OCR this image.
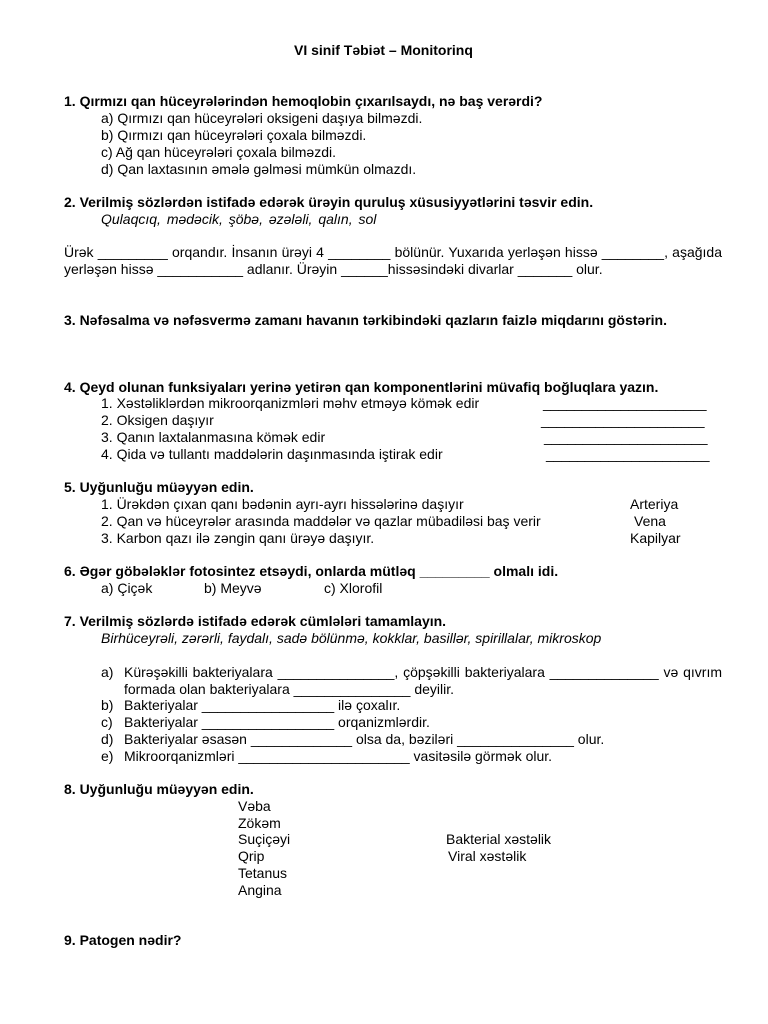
VI sinif Təbiət – Monitorinq
1. Qırmızı qan hüceyrələrindən hemoqlobin çıxarılsaydı, nə baş verərdi?
a) Qırmızı qan hüceyrələri oksigeni daşıya bilməzdi.
b) Qırmızı qan hüceyrələri çoxala bilməzdi.
c) Ağ qan hüceyrələri çoxala bilməzdi.
d) Qan laxtasının əmələ gəlməsi mümkün olmazdı.
2. Verilmiş sözlərdən istifadə edərək ürəyin quruluş xüsusiyyətlərini təsvir edin.
Qulaqcıq, mədəcik, şöbə, əzələli, qalın, sol
Ürək _________ orqandır. İnsanın ürəyi 4 ________ bölünür. Yuxarıda yerləşən hissə ________, aşağıda yerləşən hissə ___________ adlanır. Ürəyin ______hissəsindəki divarlar _______ olur.
3. Nəfəsalma və nəfəsvermə zamanı havanın tərkibindəki qazların faizlə miqdarını göstərin.
4. Qeyd olunan funksiyaları yerinə yetirən qan komponentlərini müvafiq boğluqlara yazın.
1. Xəstəliklərdən mikroorqanizmləri məhv etməyə kömək edir
2. Oksigen daşıyır
3. Qanın laxtalanmasına kömək edir
4. Qida və tullantı maddələrin daşınmasında iştirak edir
_____________________
_____________________
_____________________
_____________________
5. Uyğunluğu müəyyən edin.
1. Ürəkdən çıxan qanı bədənin ayrı-ayrı hissələrinə daşıyır
2. Qan və hüceyrələr arasında maddələr və qazlar mübadiləsi baş verir
3. Karbon qazı ilə zəngin qanı ürəyə daşıyır.
Arteriya
Vena
Kapilyar
6. Əgər göbələklər fotosintez etsəydi, onlarda mütləq _________ olmalı idi.
a) Çiçək	b) Meyvə	c) Xlorofil
7. Verilmiş sözlərdə istifadə edərək cümlələri tamamlayın.
Birhüceyrəli, zərərli, faydalı, sadə bölünmə, kokklar, basillər, spirillalar, mikroskop
a) Kürəşəkilli bakteriyalara _______________, çöpşəkilli bakteriyalara ______________ və qıvrım formada olan bakteriyalara _______________ deyilir.
b) Bakteriyalar _________________ ilə çoxalır.
c) Bakteriyalar _________________ orqanizmlərdir.
d) Bakteriyalar əsasən _____________ olsa da, bəziləri _______________ olur.
e) Mikroorqanizmləri ______________________ vasitəsilə görmək olur.
8. Uyğunluğu müəyyən edin.
Vəba
Zökəm
Suçiçəyi
Qrip
Tetanus
Angina
Bakterial xəstəlik
Viral xəstəlik
9. Patogen nədir?
